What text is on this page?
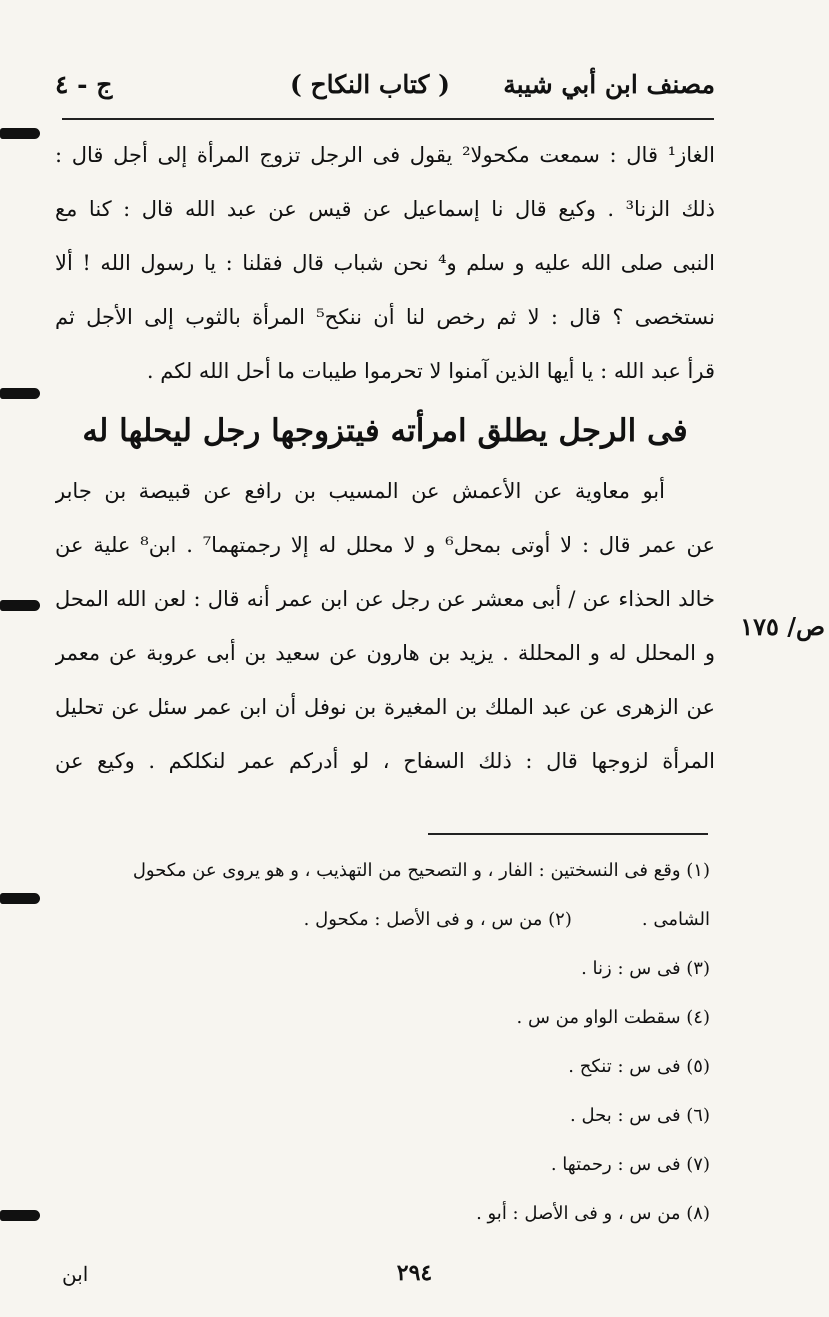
مصنف ابن أبي شيبة
( كتاب النكاح )
ج - ٤
الغاز¹ قال : سمعت مكحولا² يقول فى الرجل تزوج المرأة إلى أجل قال :
ذلك الزنا³ . وكيع قال نا إسماعيل عن قيس عن عبد الله قال : كنا مع
النبى صلى الله عليه و سلم و⁴ نحن شباب قال فقلنا : يا رسول الله ! ألا
نستخصى ؟ قال : لا ثم رخص لنا أن ننكح⁵ المرأة بالثوب إلى الأجل ثم
قرأ عبد الله : يا أيها الذين آمنوا لا تحرموا طيبات ما أحل الله لكم .
فى الرجل يطلق امرأته فيتزوجها رجل ليحلها له
أبو معاوية عن الأعمش عن المسيب بن رافع عن قبيصة بن جابر
عن عمر قال : لا أوتى بمحل⁶ و لا محلل له إلا رجمتهما⁷ . ابن⁸ علية عن
خالد الحذاء عن / أبى معشر عن رجل عن ابن عمر أنه قال : لعن الله المحل
و المحلل له و المحللة . يزيد بن هارون عن سعيد بن أبى عروبة عن معمر
عن الزهرى عن عبد الملك بن المغيرة بن نوفل أن ابن عمر سئل عن تحليل
المرأة لزوجها قال : ذلك السفاح ، لو أدركم عمر لنكلكم . وكيع عن
ص/ ١٧٥
(١) وقع فى النسختين : الفار ، و التصحيح من التهذيب ، و هو يروى عن مكحول
الشامى .(٢) من س ، و فى الأصل : مكحول .
(٣) فى س : زنا .
(٤) سقطت الواو من س .
(٥) فى س : تنكح .
(٦) فى س : بحل .
(٧) فى س : رحمتها .
(٨) من س ، و فى الأصل : أبو .
٢٩٤
ابن
